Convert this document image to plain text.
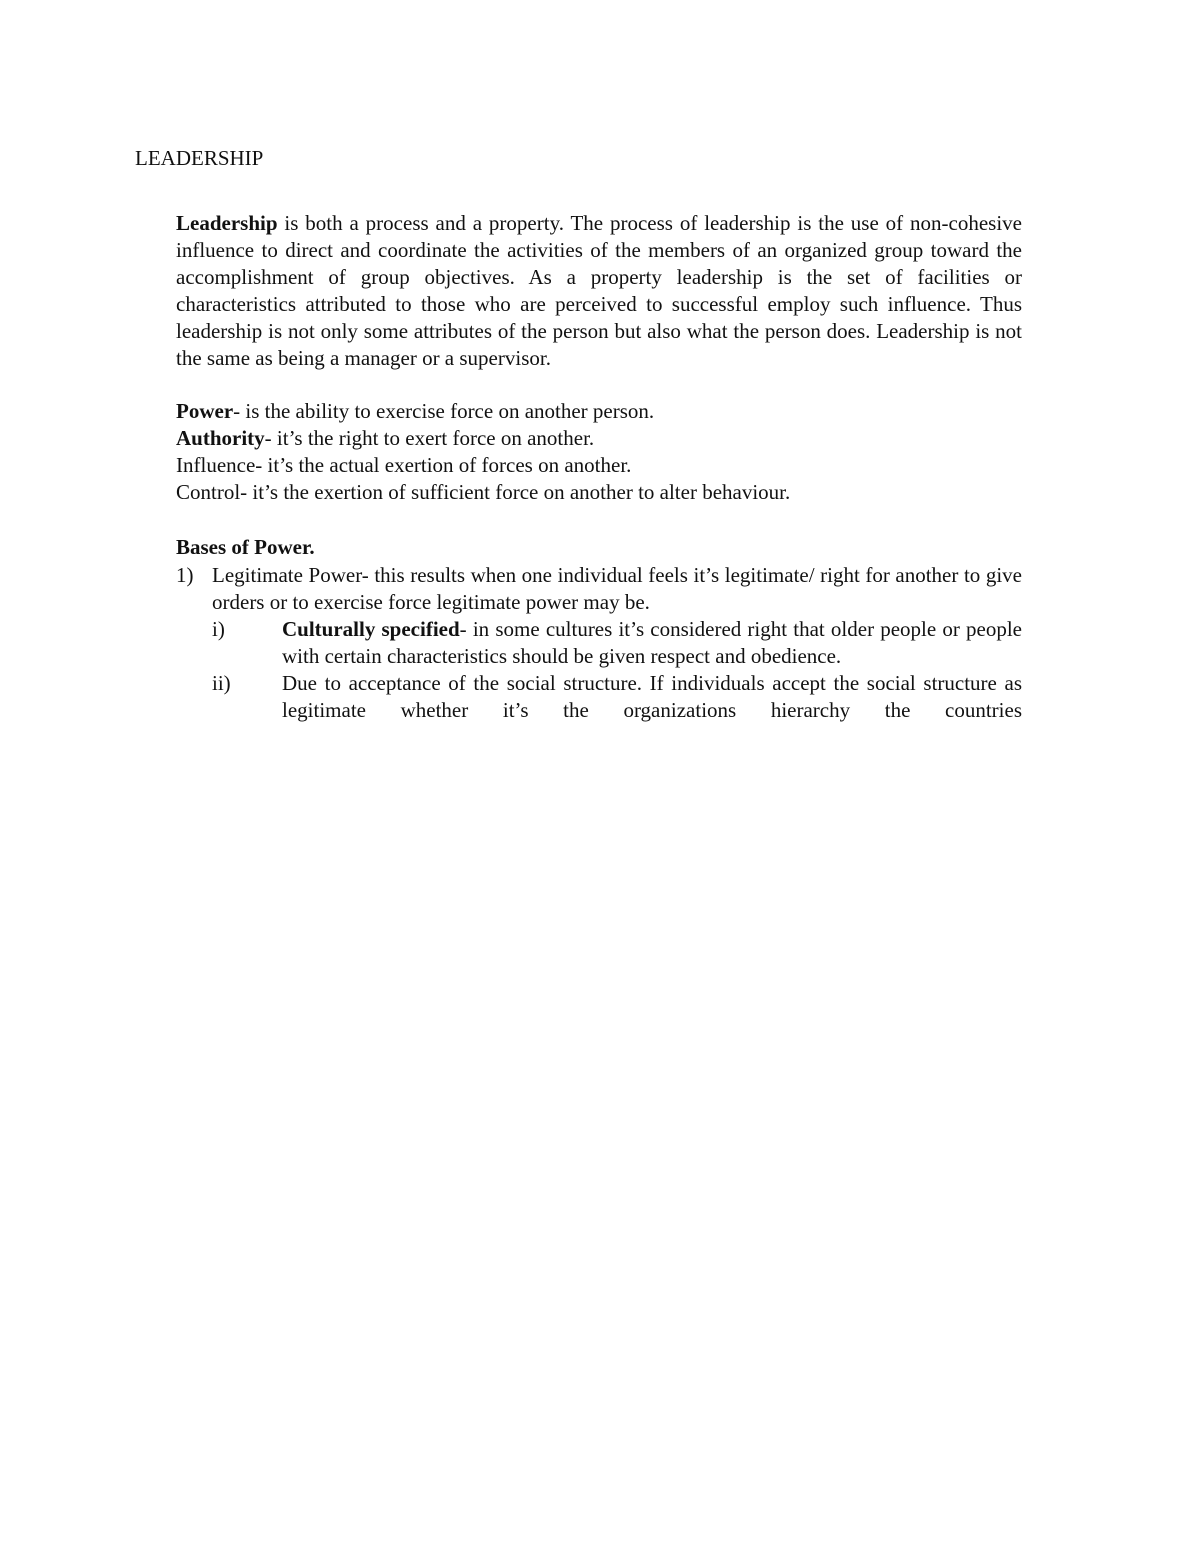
LEADERSHIP
Leadership is both a process and a property. The process of leadership is the use of non-cohesive influence to direct and coordinate the activities of the members of an organized group toward the accomplishment of group objectives. As a property leadership is the set of facilities or characteristics attributed to those who are perceived to successful employ such influence. Thus leadership is not only some attributes of the person but also what the person does. Leadership is not the same as being a manager or a supervisor.
Power- is the ability to exercise force on another person.
Authority- it’s the right to exert force on another.
Influence- it’s the actual exertion of forces on another.
Control- it’s the exertion of sufficient force on another to alter behaviour.
Bases of Power.
1) Legitimate Power- this results when one individual feels it’s legitimate/ right for another to give orders or to exercise force legitimate power may be.
i)	Culturally specified- in some cultures it’s considered right that older people or people with certain characteristics should be given respect and obedience.
ii) Due to acceptance of the social structure. If individuals accept the social structure as legitimate whether it’s the organizations hierarchy the countries
